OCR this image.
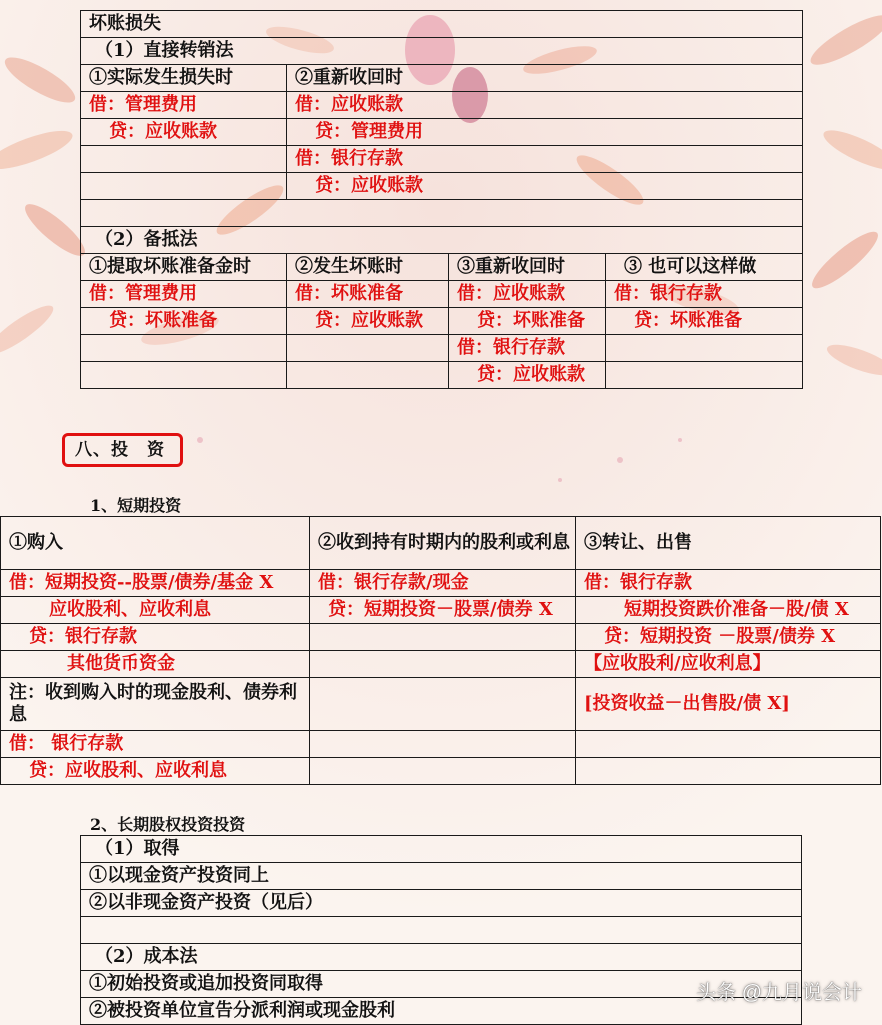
坏账损失			
（1）直接转销法			
①实际发生损失时	②重新收回时		
借：管理费用	借：应收账款		
贷：应收账款	贷：管理费用		
	借：银行存款		
	贷：应收账款		

（2）备抵法			
①提取坏账准备金时	②发生坏账时	③重新收回时	③ 也可以这样做
借：管理费用	借：坏账准备	借：应收账款	借：银行存款
贷：坏账准备	贷：应收账款	贷：坏账准备	贷：坏账准备
		借：银行存款	
		贷：应收账款	
八、投　资
1、短期投资
①购入	②收到持有时期内的股利或利息	③转让、出售
借：短期投资--股票/债券/基金 X	借：银行存款/现金	借：银行存款
应收股利、应收利息	贷：短期投资－股票/债券 X	短期投资跌价准备－股/债 X
贷：银行存款		贷：短期投资 －股票/债券 X
其他货币资金		【应收股利/应收利息】
注：收到购入时的现金股利、债券利息		[投资收益－出售股/债 X]
借： 银行存款		
贷：应收股利、应收利息		
2、长期股权投资投资
（1）取得
①以现金资产投资同上
②以非现金资产投资（见后）

（2）成本法
①初始投资或追加投资同取得
②被投资单位宣告分派利润或现金股利
头条 @九月说会计
